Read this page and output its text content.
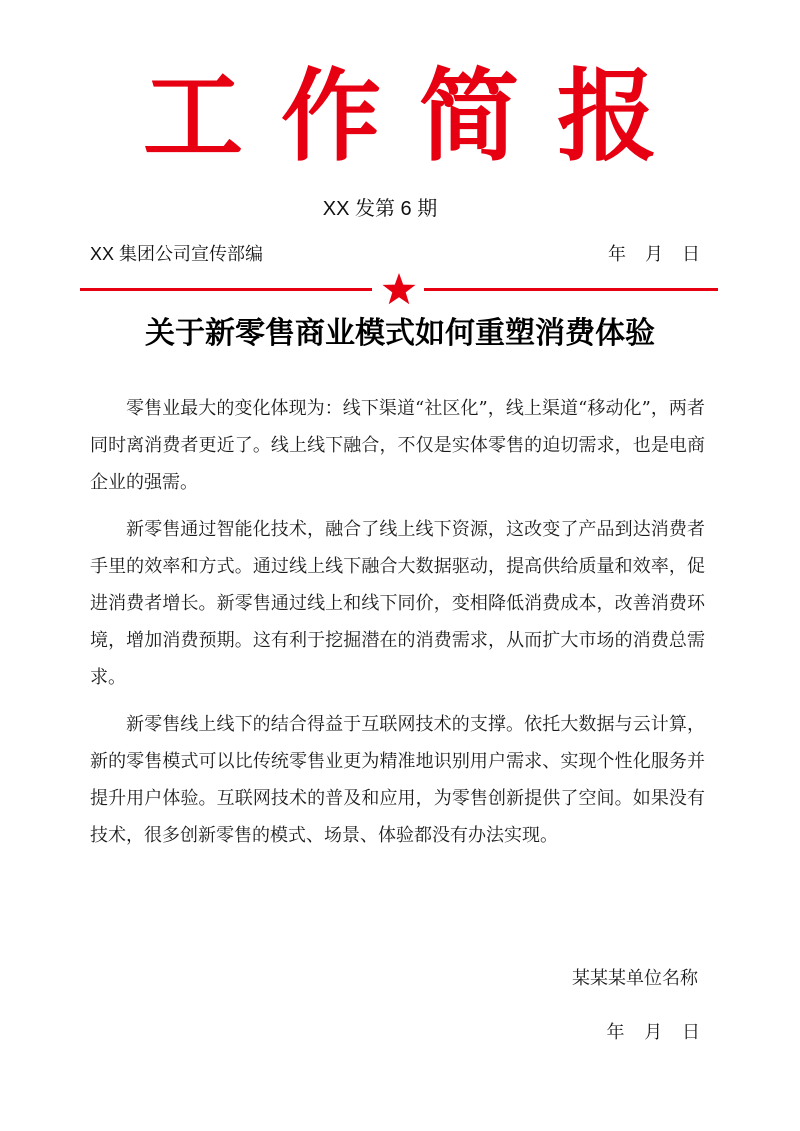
工作简报
XX 发第 6 期
XX 集团公司宣传部编	年 月 日
关于新零售商业模式如何重塑消费体验

零售业最大的变化体现为：线下渠道“社区化”，线上渠道“移动化”，两者同时离消费者更近了。线上线下融合，不仅是实体零售的迫切需求，也是电商企业的强需。

新零售通过智能化技术，融合了线上线下资源，这改变了产品到达消费者手里的效率和方式。通过线上线下融合大数据驱动，提高供给质量和效率，促进消费者增长。新零售通过线上和线下同价，变相降低消费成本，改善消费环境，增加消费预期。这有利于挖掘潜在的消费需求，从而扩大市场的消费总需求。

新零售线上线下的结合得益于互联网技术的支撑。依托大数据与云计算，新的零售模式可以比传统零售业更为精准地识别用户需求、实现个性化服务并提升用户体验。互联网技术的普及和应用，为零售创新提供了空间。如果没有技术，很多创新零售的模式、场景、体验都没有办法实现。

某某某单位名称
年 月 日
